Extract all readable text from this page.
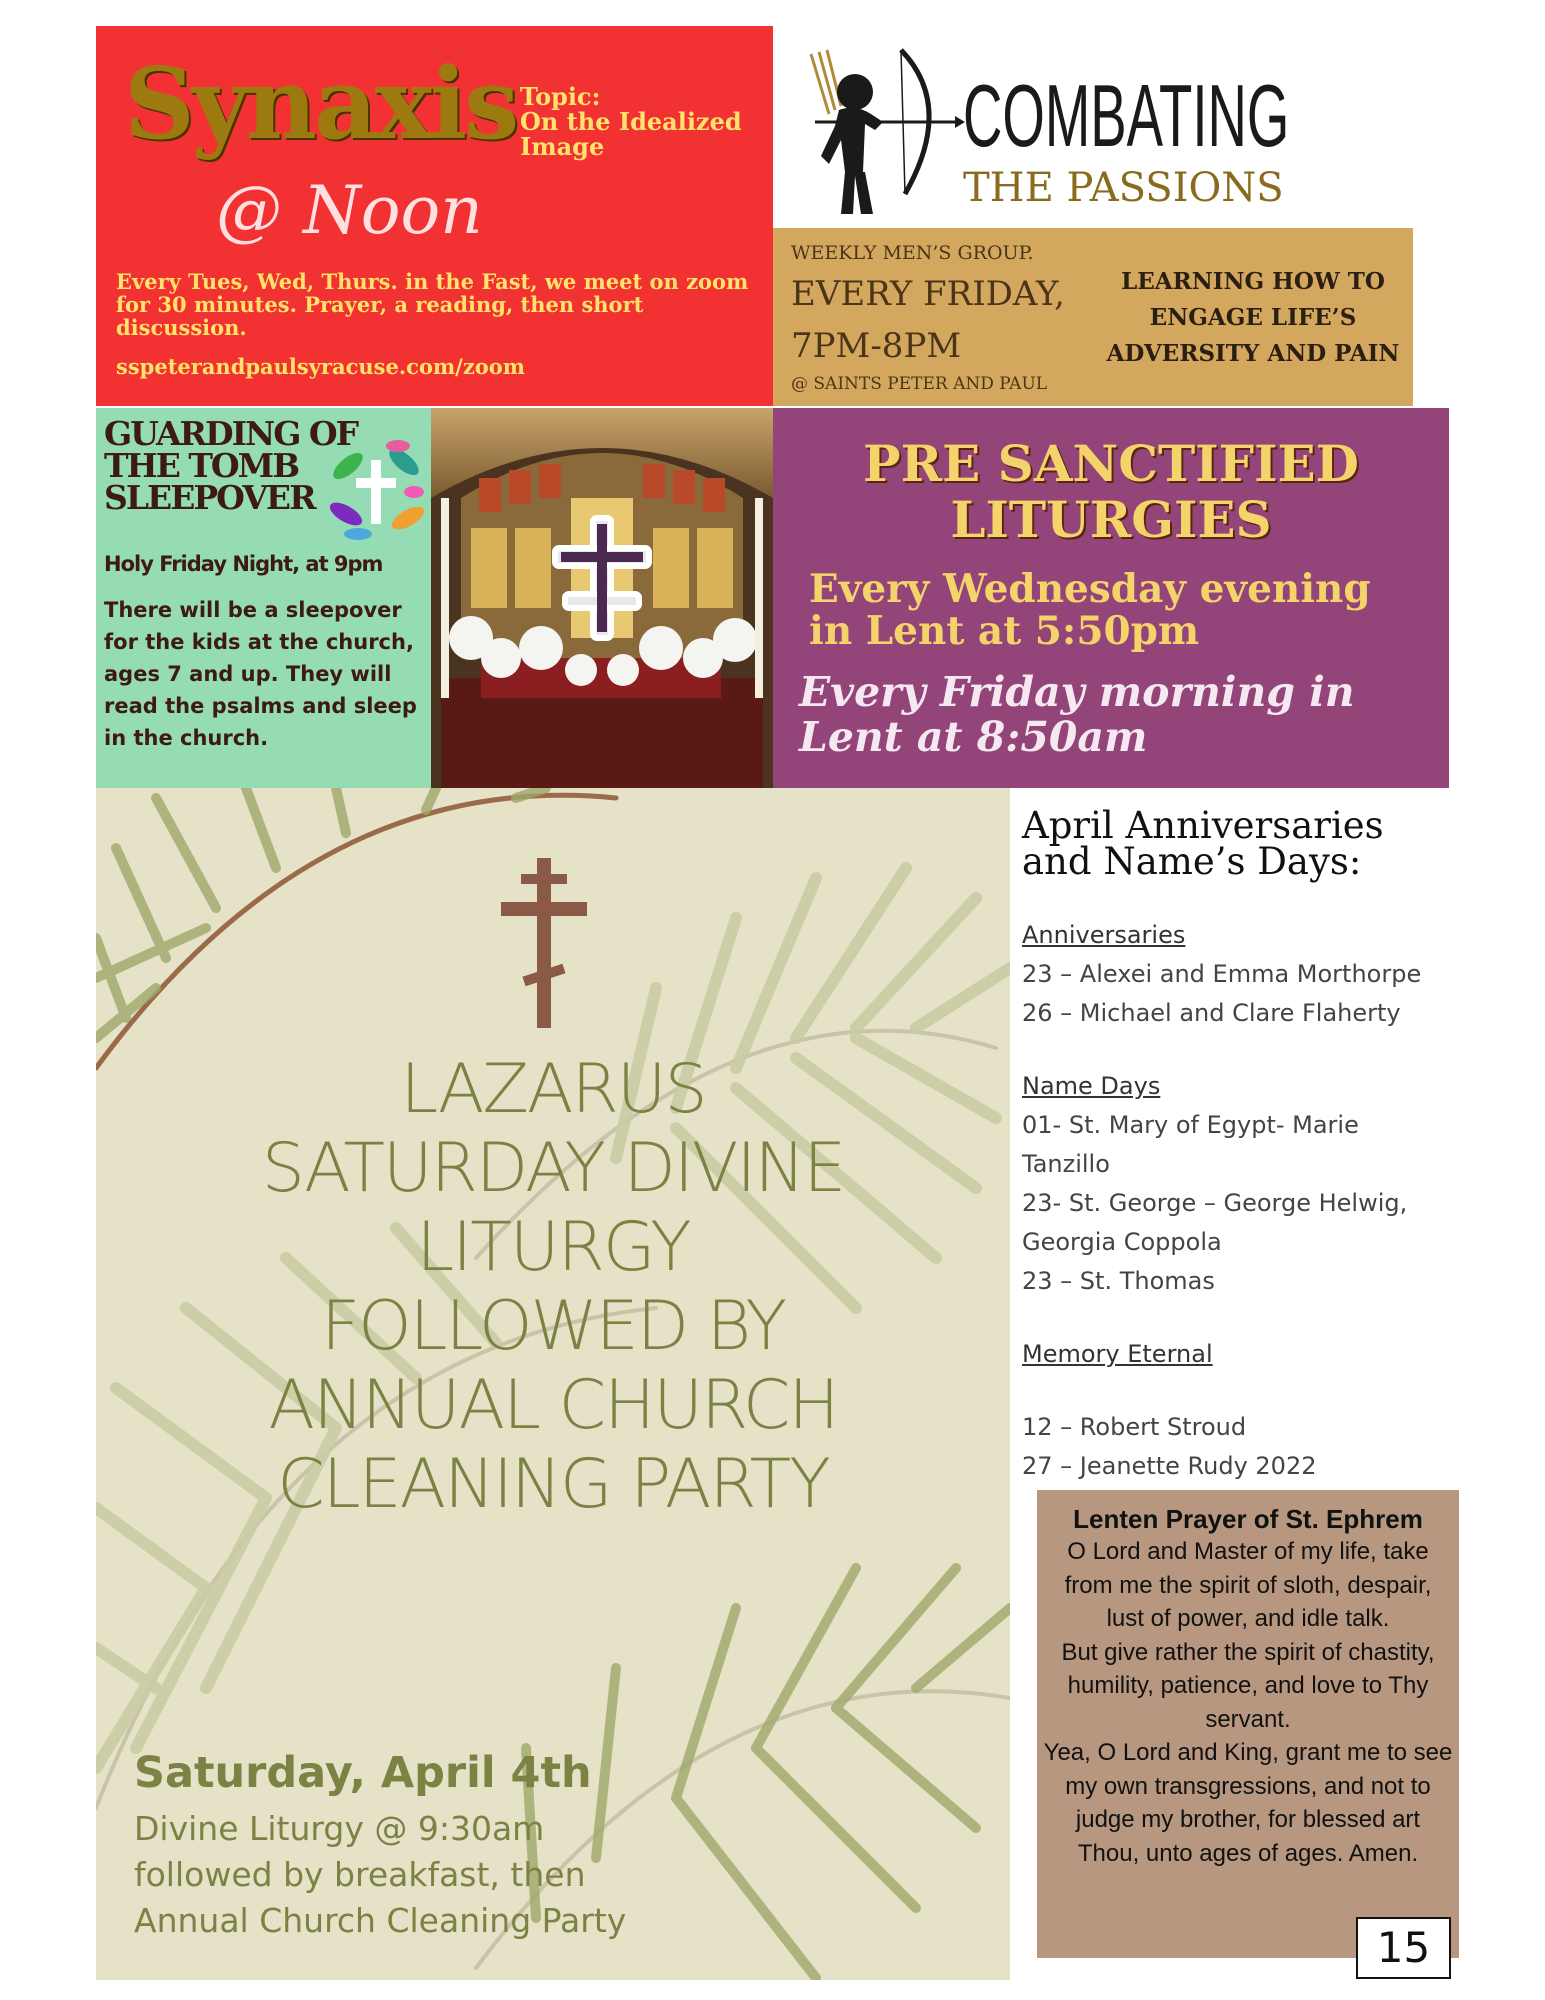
Synaxis Topic:
On the Idealized
Image
@ Noon
Every Tues, Wed, Thurs. in the Fast, we meet on zoom for 30 minutes. Prayer, a reading, then short discussion.
sspeterandpaulsyracuse.com/zoom
COMBATING
THE PASSIONS
WEEKLY MEN’S GROUP.
EVERY FRIDAY,
7PM-8PM
@ SAINTS PETER AND PAUL
LEARNING HOW TO
ENGAGE LIFE’S
ADVERSITY AND PAIN
GUARDING OF
THE TOMB
SLEEPOVER
Holy Friday Night, at 9pm
There will be a sleepover for the kids at the church, ages 7 and up. They will read the psalms and sleep in the church.
PRE SANCTIFIED
LITURGIES
Every Wednesday evening
in Lent at 5:50pm
Every Friday morning in
Lent at 8:50am
LAZARUS
SATURDAY DIVINE
LITURGY
FOLLOWED BY
ANNUAL CHURCH
CLEANING PARTY
Saturday, April 4th
Divine Liturgy @ 9:30am
followed by breakfast, then
Annual Church Cleaning Party
April Anniversaries
and Name’s Days:
Anniversaries
23 – Alexei and Emma Morthorpe
26 – Michael and Clare Flaherty
Name Days
01- St. Mary of Egypt- Marie
Tanzillo
23- St. George – George Helwig,
Georgia Coppola
23 – St. Thomas
Memory Eternal
12 – Robert Stroud
27 – Jeanette Rudy 2022
Lenten Prayer of St. Ephrem
O Lord and Master of my life, take from me the spirit of sloth, despair, lust of power, and idle talk.
But give rather the spirit of chastity, humility, patience, and love to Thy servant.
Yea, O Lord and King, grant me to see my own transgressions, and not to judge my brother, for blessed art Thou, unto ages of ages. Amen.
15
